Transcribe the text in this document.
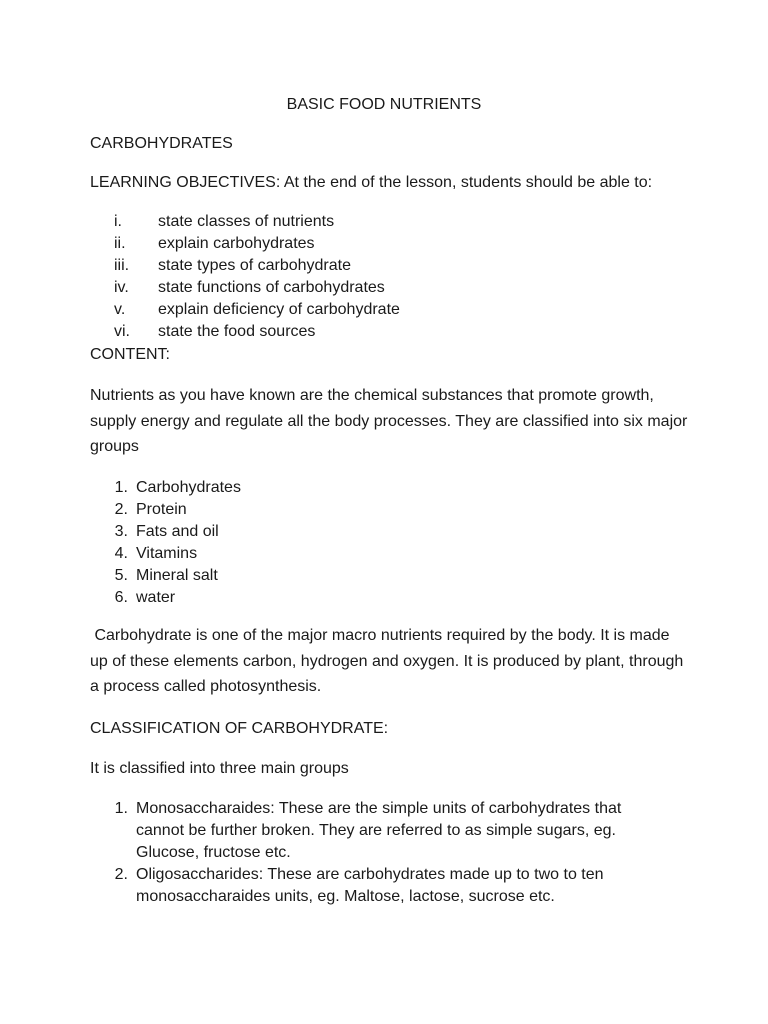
BASIC FOOD NUTRIENTS

CARBOHYDRATES

LEARNING OBJECTIVES: At the end of the lesson, students should be able to:

i.	state classes of nutrients

ii.	explain carbohydrates

iii.	state types of carbohydrate

iv.	state functions of carbohydrates

v.	explain deficiency of carbohydrate

vi.	state the food sources

CONTENT:

Nutrients as you have known are the chemical substances that promote growth, supply energy and regulate all the body processes. They are classified into six major groups

1. Carbohydrates

2. Protein

3. Fats and oil

4. Vitamins

5. Mineral salt

6. water

Carbohydrate is one of the major macro nutrients required by the body. It is made up of these elements carbon, hydrogen and oxygen. It is produced by plant, through a process called photosynthesis.

CLASSIFICATION OF CARBOHYDRATE:

It is classified into three main groups

1. Monosaccharaides: These are the simple units of carbohydrates that

cannot be further broken. They are referred to as simple sugars, eg.

Glucose, fructose etc.

2. Oligosaccharides: These are carbohydrates made up to two to ten

monosaccharaides units, eg. Maltose, lactose, sucrose etc.
